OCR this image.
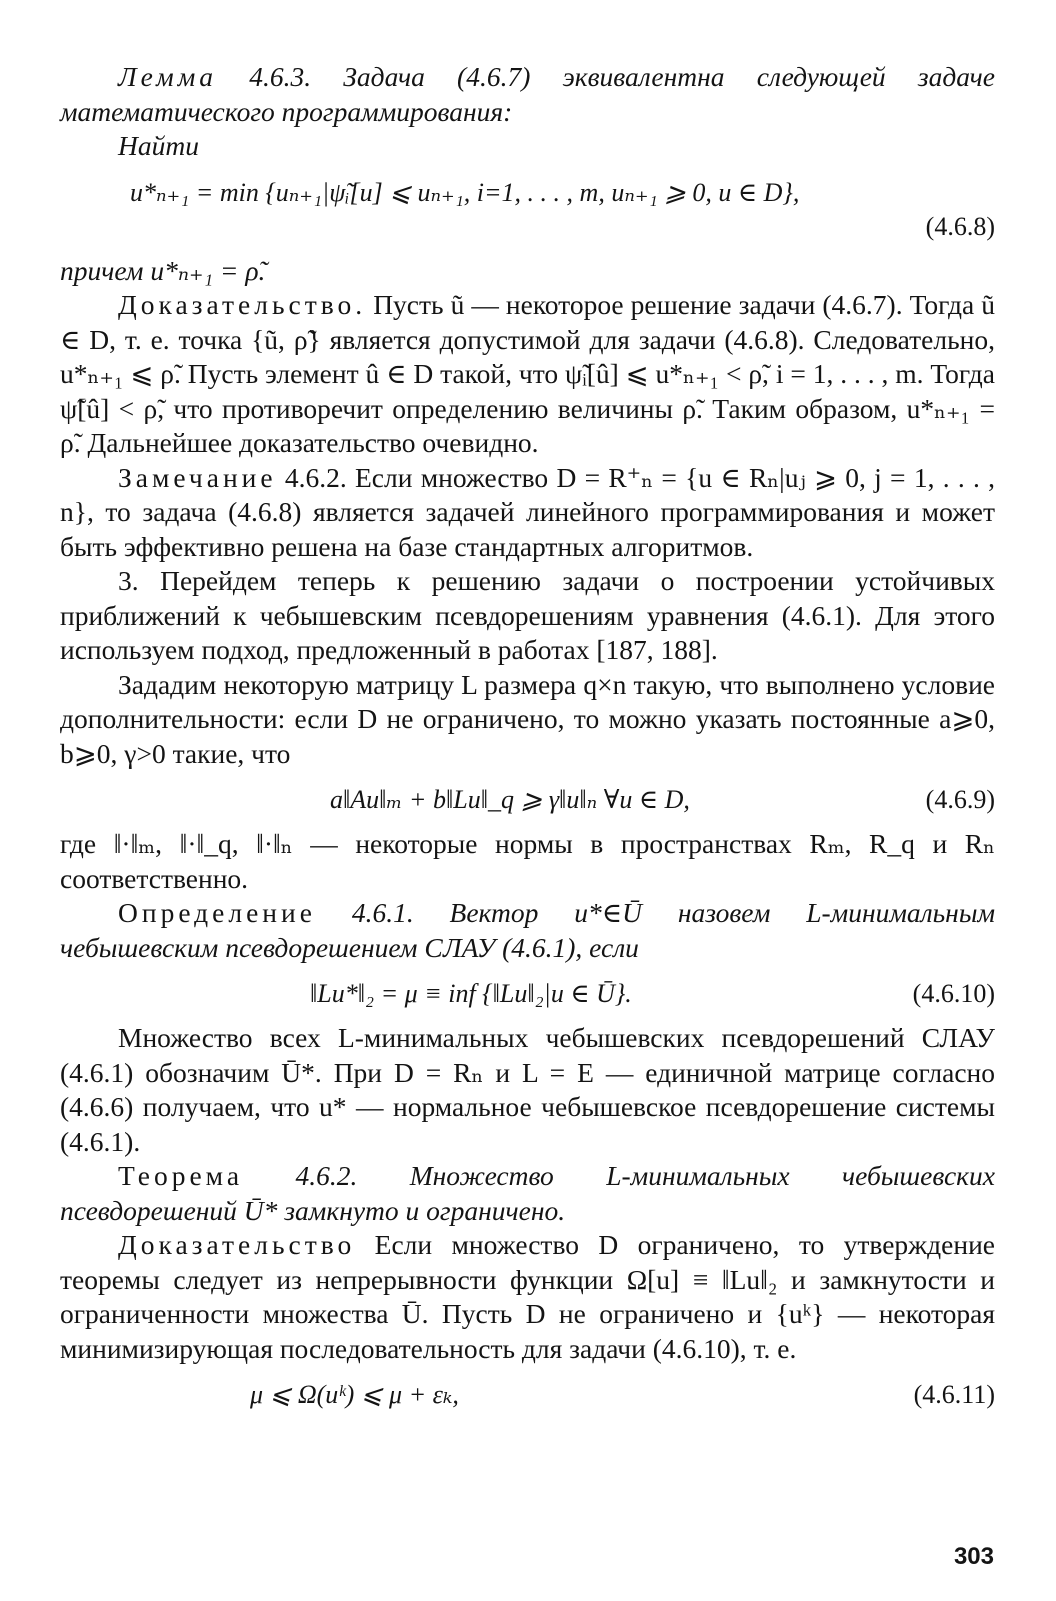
Лемма 4.6.3. Задача (4.6.7) эквивалентна следующей задаче математического программирования:

Найти

u*ₙ₊₁ = min {uₙ₊₁|ψ̃ᵢ[u] ⩽ uₙ₊₁, i=1, . . . , m, uₙ₊₁ ⩾ 0, u ∈ D},
(4.6.8)

причем u*ₙ₊₁ = ρ̃.

Доказательство. Пусть ũ — некоторое решение задачи (4.6.7). Тогда ũ ∈ D, т. е. точка {ũ, ρ̃} является допустимой для задачи (4.6.8). Следовательно, u*ₙ₊₁ ⩽ ρ̃. Пусть элемент û ∈ D такой, что ψ̃ᵢ[û] ⩽ u*ₙ₊₁ < ρ̃, i = 1, . . . , m. Тогда ψ̃[û] < ρ̃, что противоречит определению величины ρ̃. Таким образом, u*ₙ₊₁ = ρ̃. Дальнейшее доказательство очевидно.

Замечание 4.6.2. Если множество D = R⁺ₙ = {u ∈ Rₙ|uⱼ ⩾ 0, j = 1, . . . , n}, то задача (4.6.8) является задачей линейного программирования и может быть эффективно решена на базе стандартных алгоритмов.

3. Перейдем теперь к решению задачи о построении устойчивых приближений к чебышевским псевдорешениям уравнения (4.6.1). Для этого используем подход, предложенный в работах [187, 188].

Зададим некоторую матрицу L размера q×n такую, что выполнено условие дополнительности: если D не ограничено, то можно указать постоянные a⩾0, b⩾0, γ>0 такие, что

a‖Au‖ₘ + b‖Lu‖_q ⩾ γ‖u‖ₙ ∀u ∈ D,	(4.6.9)

где ‖·‖ₘ, ‖·‖_q, ‖·‖ₙ — некоторые нормы в пространствах Rₘ, R_q и Rₙ соответственно.

Определение 4.6.1. Вектор u*∈Ū назовем L-минимальным чебышевским псевдорешением СЛАУ (4.6.1), если

‖Lu*‖₂ = μ ≡ inf {‖Lu‖₂|u ∈ Ū}.	(4.6.10)

Множество всех L-минимальных чебышевских псевдорешений СЛАУ (4.6.1) обозначим Ū*. При D = Rₙ и L = E — единичной матрице согласно (4.6.6) получаем, что u* — нормальное чебышевское псевдорешение системы (4.6.1).

Теорема 4.6.2. Множество L-минимальных чебышевских псевдорешений Ū* замкнуто и ограничено.

Доказательство Если множество D ограничено, то утверждение теоремы следует из непрерывности функции Ω[u] ≡ ‖Lu‖₂ и замкнутости и ограниченности множества Ū. Пусть D не ограничено и {uᵏ} — некоторая минимизирующая последовательность для задачи (4.6.10), т. е.

μ ⩽ Ω(uᵏ) ⩽ μ + εₖ,	(4.6.11)
303
